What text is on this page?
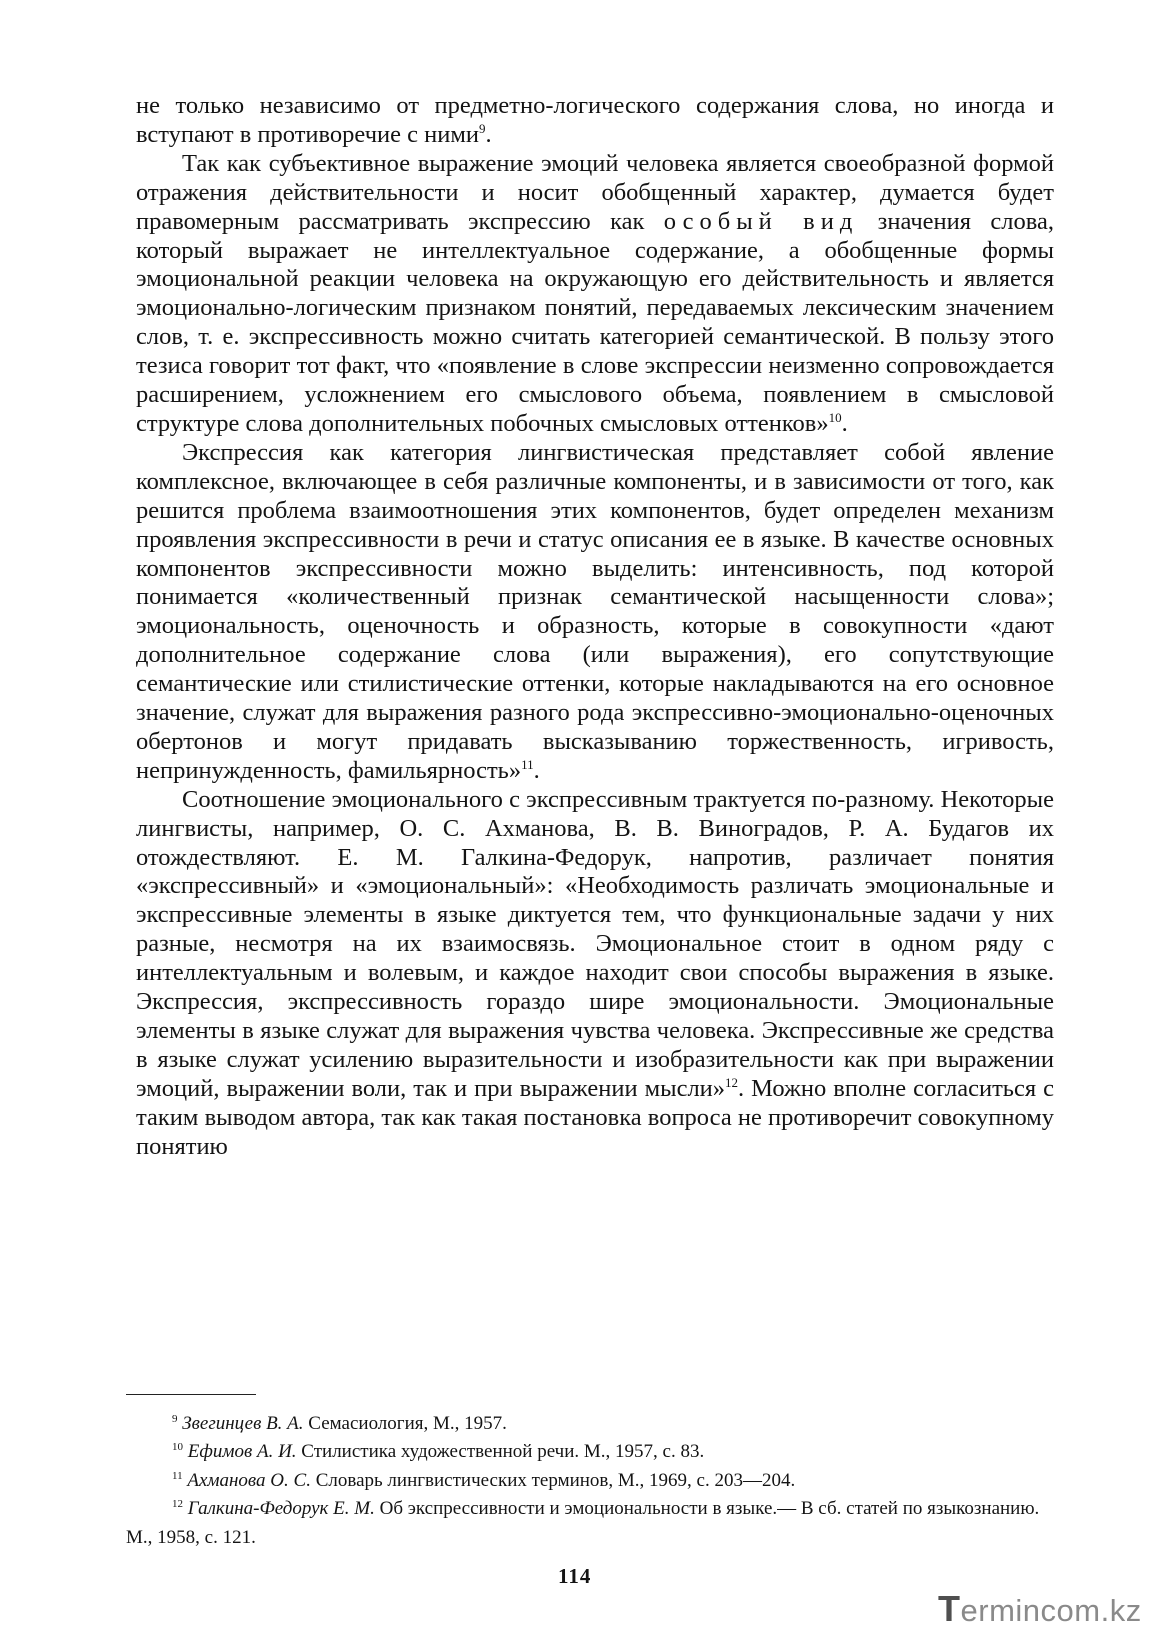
не только независимо от предметно-логического содержания слова, но иногда и вступают в противоречие с ними$^9$.

Так как субъективное выражение эмоций человека является своеобразной формой отражения действительности и носит обобщенный характер, думается будет правомерным рассматривать экспрессию как особый вид значения слова, который выражает не интеллектуальное содержание, а обобщенные формы эмоциональной реакции человека на окружающую его действительность и является эмоционально-логическим признаком понятий, передаваемых лексическим значением слов, т. е. экспрессивность можно считать категорией семантической. В пользу этого тезиса говорит тот факт, что «появление в слове экспрессии неизменно сопровождается расширением, усложнением его смыслового объема, появлением в смысловой структуре слова дополнительных побочных смысловых оттенков»$^{10}$.

Экспрессия как категория лингвистическая представляет собой явление комплексное, включающее в себя различные компоненты, и в зависимости от того, как решится проблема взаимоотношения этих компонентов, будет определен механизм проявления экспрессивности в речи и статус описания ее в языке. В качестве основных компонентов экспрессивности можно выделить: интенсивность, под которой понимается «количественный признак семантической насыщенности слова»; эмоциональность, оценочность и образность, которые в совокупности «дают дополнительное содержание слова (или выражения), его сопутствующие семантические или стилистические оттенки, которые накладываются на его основное значение, служат для выражения разного рода экспрессивно-эмоционально-оценочных обертонов и могут придавать высказыванию торжественность, игривость, непринужденность, фамильярность»$^{11}$.

Соотношение эмоционального с экспрессивным трактуется по-разному. Некоторые лингвисты, например, О. С. Ахманова, В. В. Виноградов, Р. А. Будагов их отождествляют. Е. М. Галкина-Федорук, напротив, различает понятия «экспрессивный» и «эмоциональный»: «Необходимость различать эмоциональные и экспрессивные элементы в языке диктуется тем, что функциональные задачи у них разные, несмотря на их взаимосвязь. Эмоциональное стоит в одном ряду с интеллектуальным и волевым, и каждое находит свои способы выражения в языке. Экспрессия, экспрессивность гораздо шире эмоциональности. Эмоциональные элементы в языке служат для выражения чувства человека. Экспрессивные же средства в языке служат усилению выразительности и изобразительности как при выражении эмоций, выражении воли, так и при выражении мысли»$^{12}$. Можно вполне согласиться с таким выводом автора, так как такая постановка вопроса не противоречит совокупному понятию

$^9$ Звегинцев В. А. Семасиология, М., 1957.

$^{10}$ Ефимов А. И. Стилистика художественной речи. М., 1957, с. 83.

$^{11}$ Ахманова О. С. Словарь лингвистических терминов, М., 1969, с. 203—204.

$^{12}$ Галкина-Федорук Е. М. Об экспрессивности и эмоциональности в языке.— В сб. статей по языкознанию. М., 1958, с. 121.

114
Termincom.kz
